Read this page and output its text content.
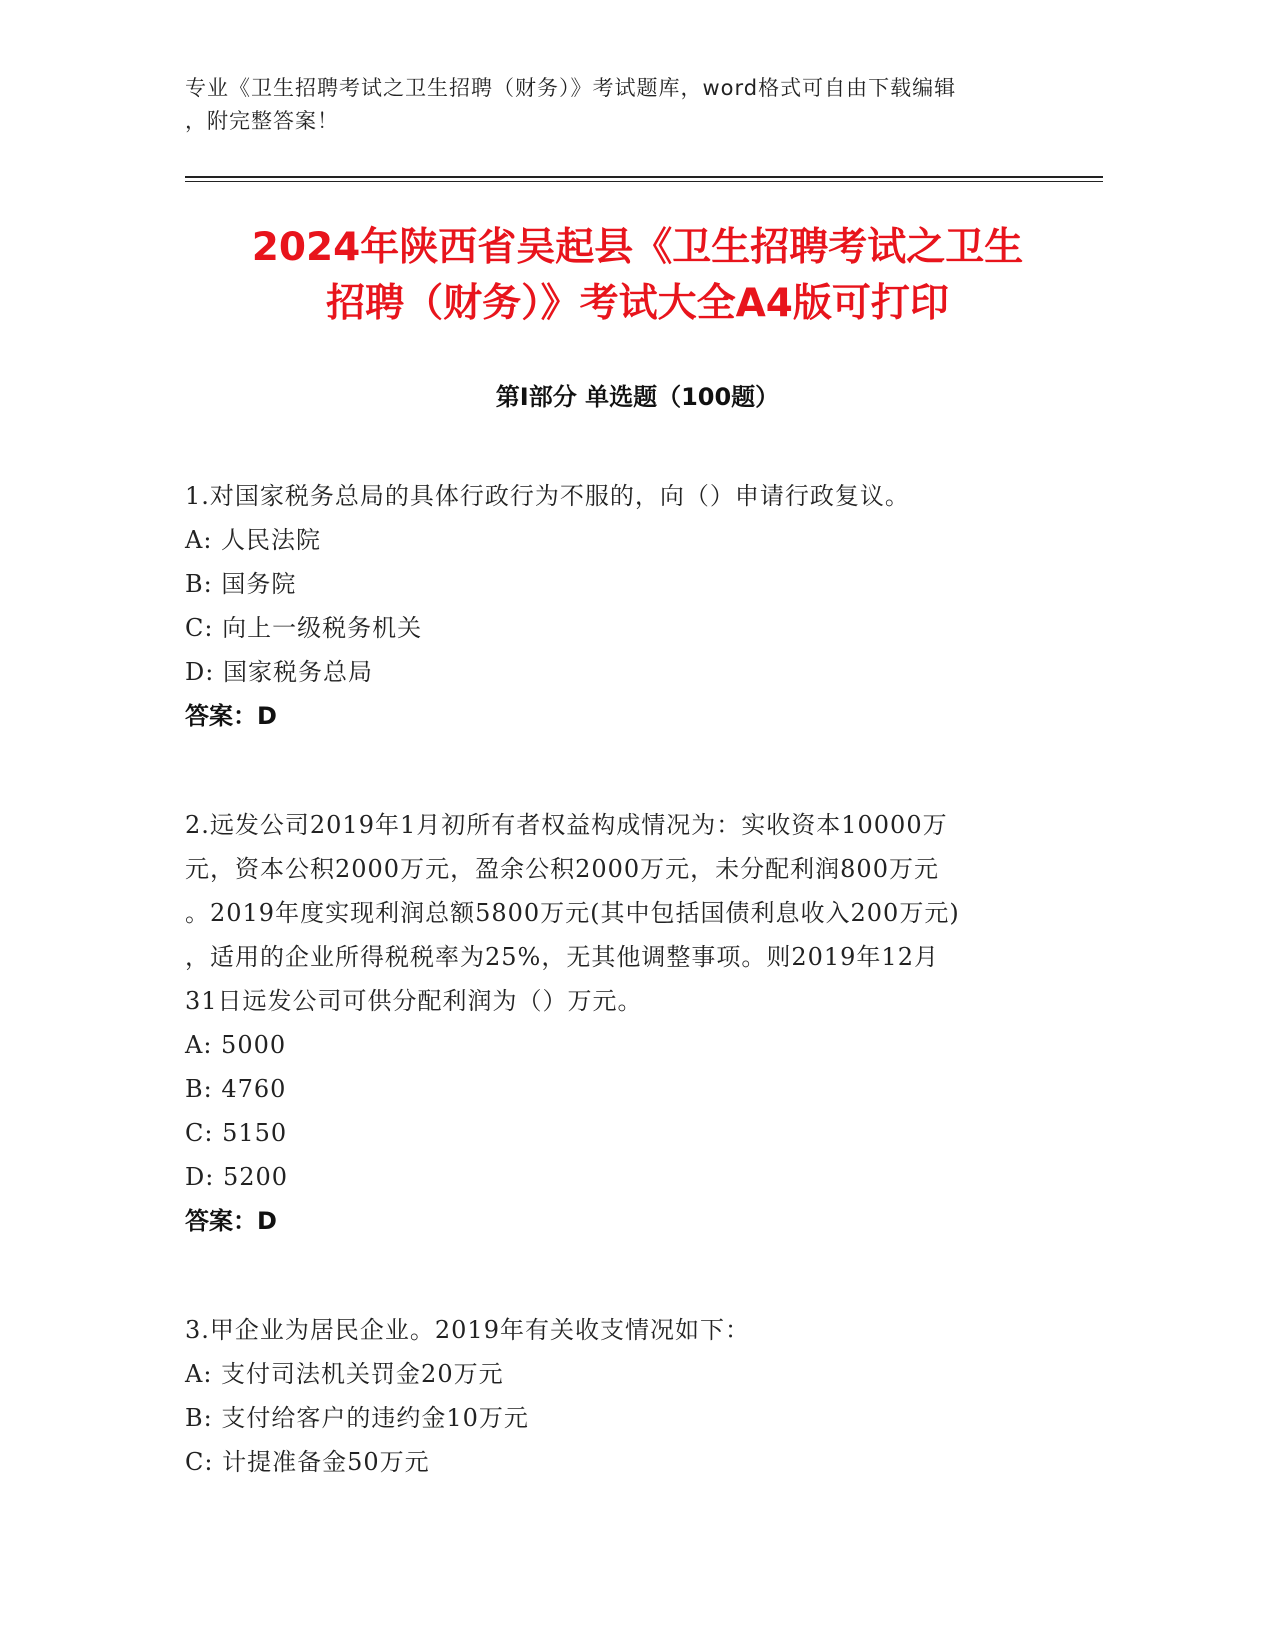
专业《卫生招聘考试之卫生招聘（财务）》考试题库，word格式可自由下载编辑
，附完整答案！
2024年陕西省吴起县《卫生招聘考试之卫生
招聘（财务）》考试大全A4版可打印
第I部分 单选题（100题）
1.对国家税务总局的具体行政行为不服的，向（）申请行政复议。
A: 人民法院
B: 国务院
C: 向上一级税务机关
D: 国家税务总局
答案：D
2.远发公司2019年1月初所有者权益构成情况为：实收资本10000万
元，资本公积2000万元，盈余公积2000万元，未分配利润800万元
。2019年度实现利润总额5800万元(其中包括国债利息收入200万元)
，适用的企业所得税税率为25%，无其他调整事项。则2019年12月
31日远发公司可供分配利润为（）万元。
A: 5000
B: 4760
C: 5150
D: 5200
答案：D
3.甲企业为居民企业。2019年有关收支情况如下：
A: 支付司法机关罚金20万元
B: 支付给客户的违约金10万元
C: 计提准备金50万元
